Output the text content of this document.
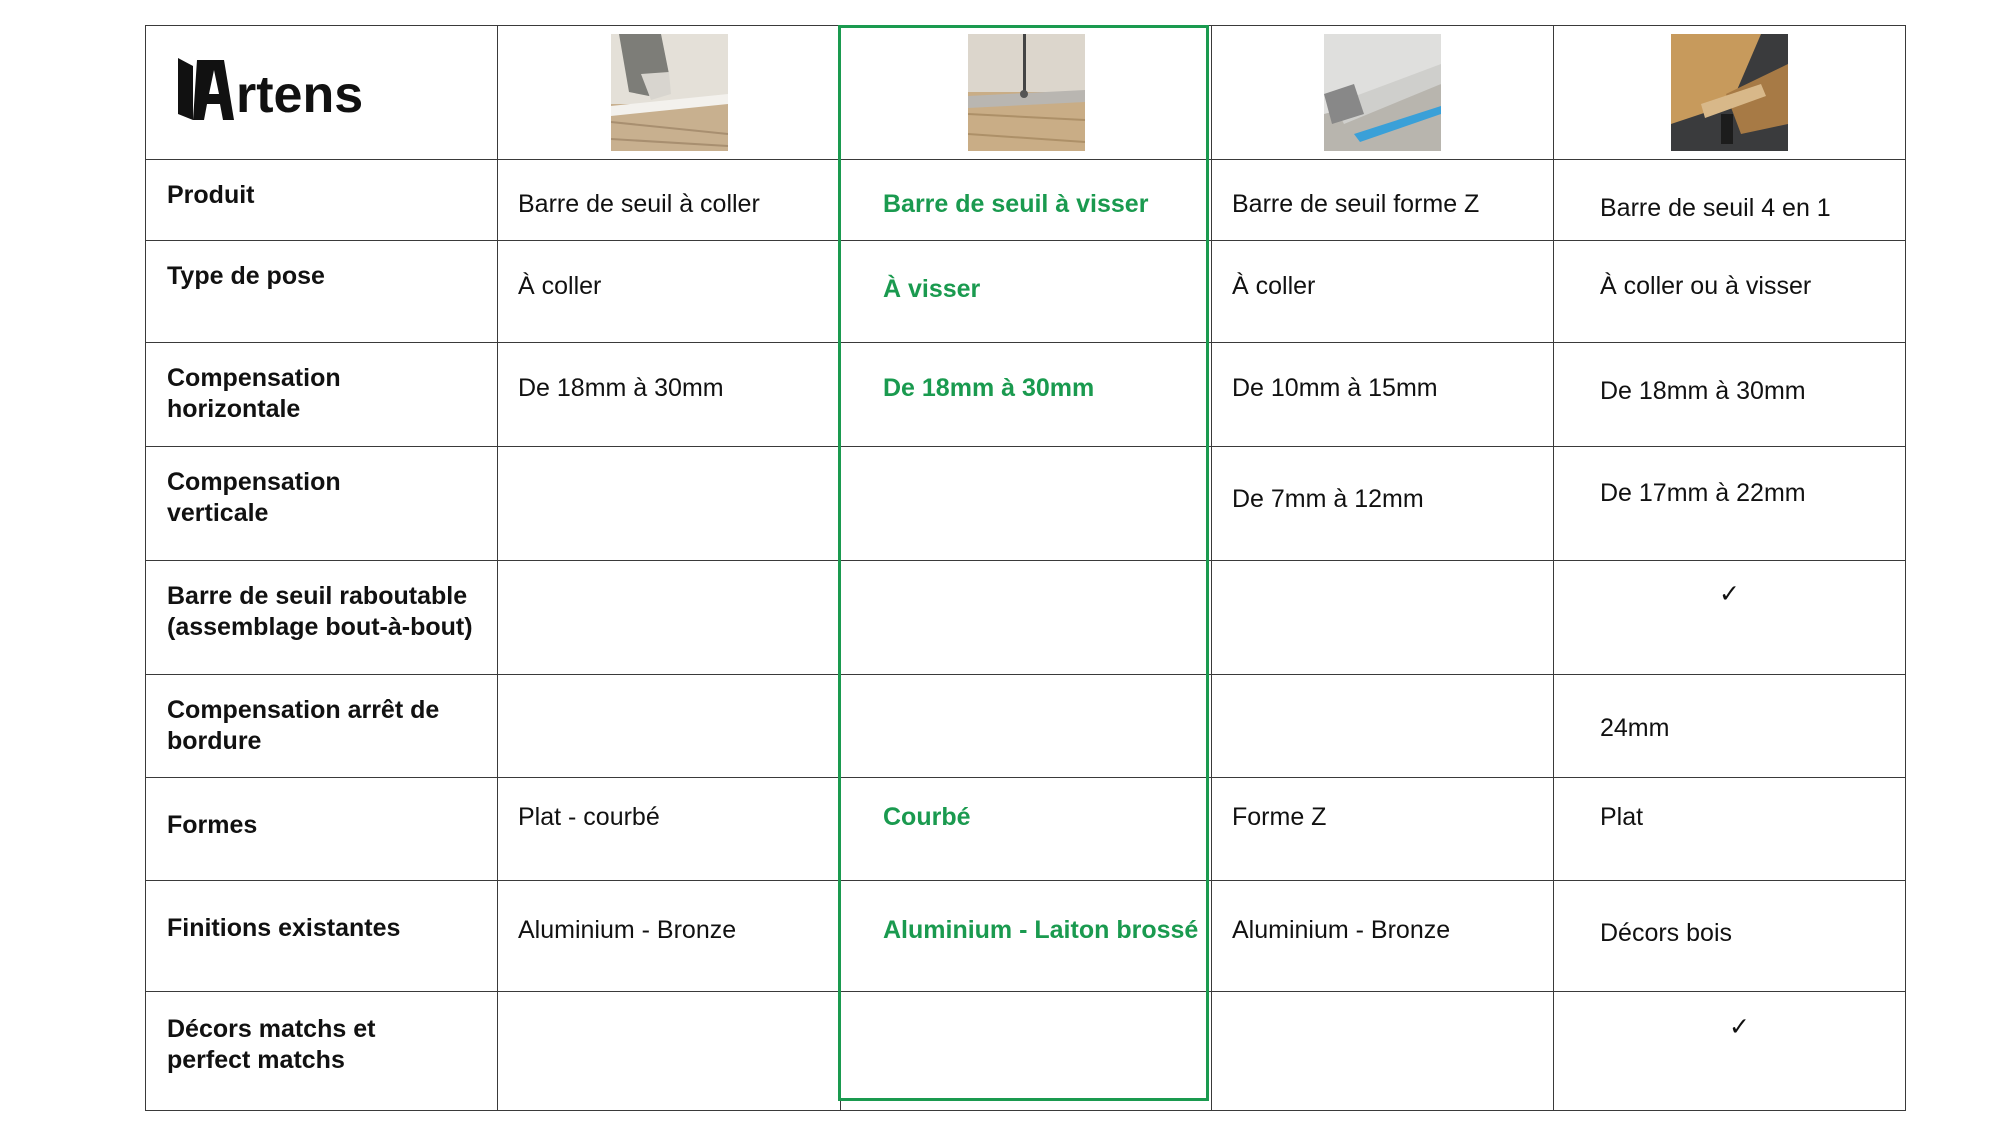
rtens

Produit	Barre de seuil à coller	Barre de seuil à visser	Barre de seuil forme Z	Barre de seuil 4 en 1

Type de pose	À coller	À visser	À coller	À coller ou à visser

Compensation horizontale	De 18mm à 30mm	De 18mm à 30mm	De 10mm à 15mm	De 18mm à 30mm

Compensation verticale			De 7mm à 12mm	De 17mm à 22mm

Barre de seuil raboutable (assemblage bout-à-bout)				✓
Compensation arrêt de bordure				24mm

Formes	Plat - courbé	Courbé	Forme Z	Plat

Finitions existantes	Aluminium - Bronze	Aluminium - Laiton brossé	Aluminium - Bronze	Décors bois

Décors matchs et perfect matchs				✓
